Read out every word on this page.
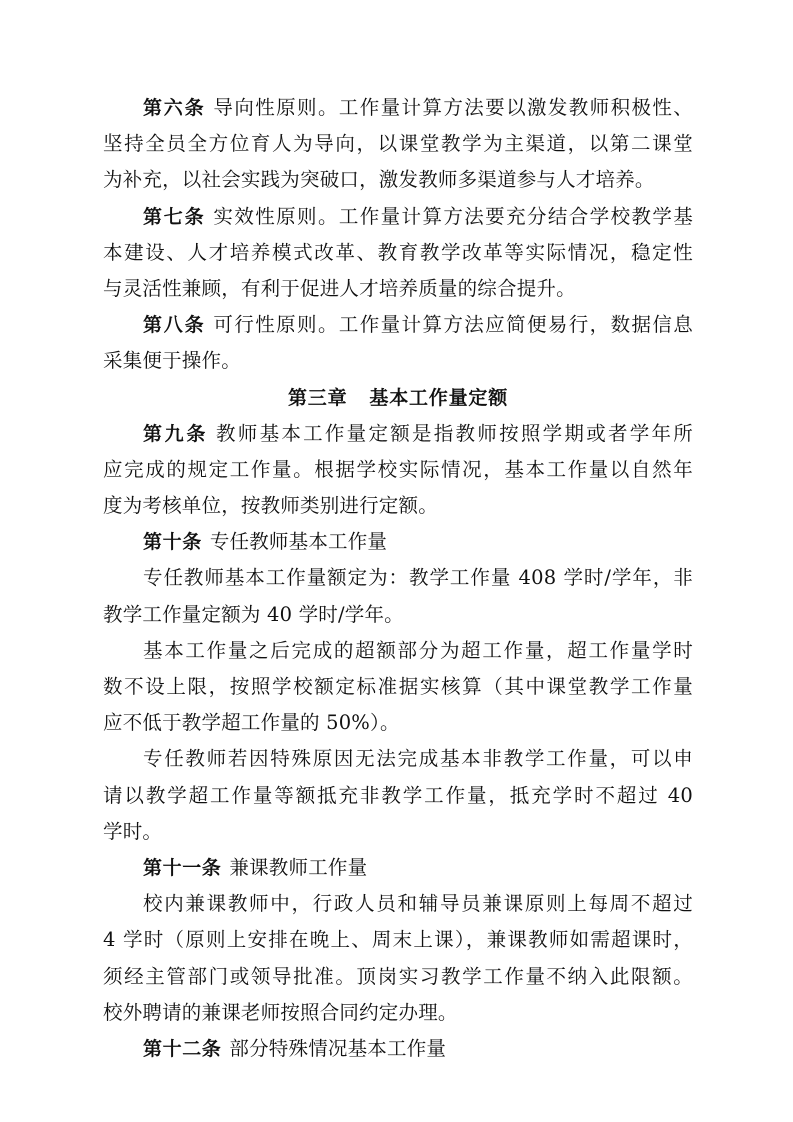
第六条 导向性原则。工作量计算方法要以激发教师积极性、
坚持全员全方位育人为导向，以课堂教学为主渠道，以第二课堂
为补充，以社会实践为突破口，激发教师多渠道参与人才培养。
第七条 实效性原则。工作量计算方法要充分结合学校教学基
本建设、人才培养模式改革、教育教学改革等实际情况，稳定性
与灵活性兼顾，有利于促进人才培养质量的综合提升。
第八条 可行性原则。工作量计算方法应简便易行，数据信息
采集便于操作。
第三章 基本工作量定额
第九条 教师基本工作量定额是指教师按照学期或者学年所
应完成的规定工作量。根据学校实际情况，基本工作量以自然年
度为考核单位，按教师类别进行定额。
第十条 专任教师基本工作量
专任教师基本工作量额定为：教学工作量 408 学时/学年，非
教学工作量定额为 40 学时/学年。
基本工作量之后完成的超额部分为超工作量，超工作量学时
数不设上限，按照学校额定标准据实核算（其中课堂教学工作量
应不低于教学超工作量的 50%）。
专任教师若因特殊原因无法完成基本非教学工作量，可以申
请以教学超工作量等额抵充非教学工作量，抵充学时不超过 40
学时。
第十一条 兼课教师工作量
校内兼课教师中，行政人员和辅导员兼课原则上每周不超过
4 学时（原则上安排在晚上、周末上课），兼课教师如需超课时，
须经主管部门或领导批准。顶岗实习教学工作量不纳入此限额。
校外聘请的兼课老师按照合同约定办理。
第十二条 部分特殊情况基本工作量
